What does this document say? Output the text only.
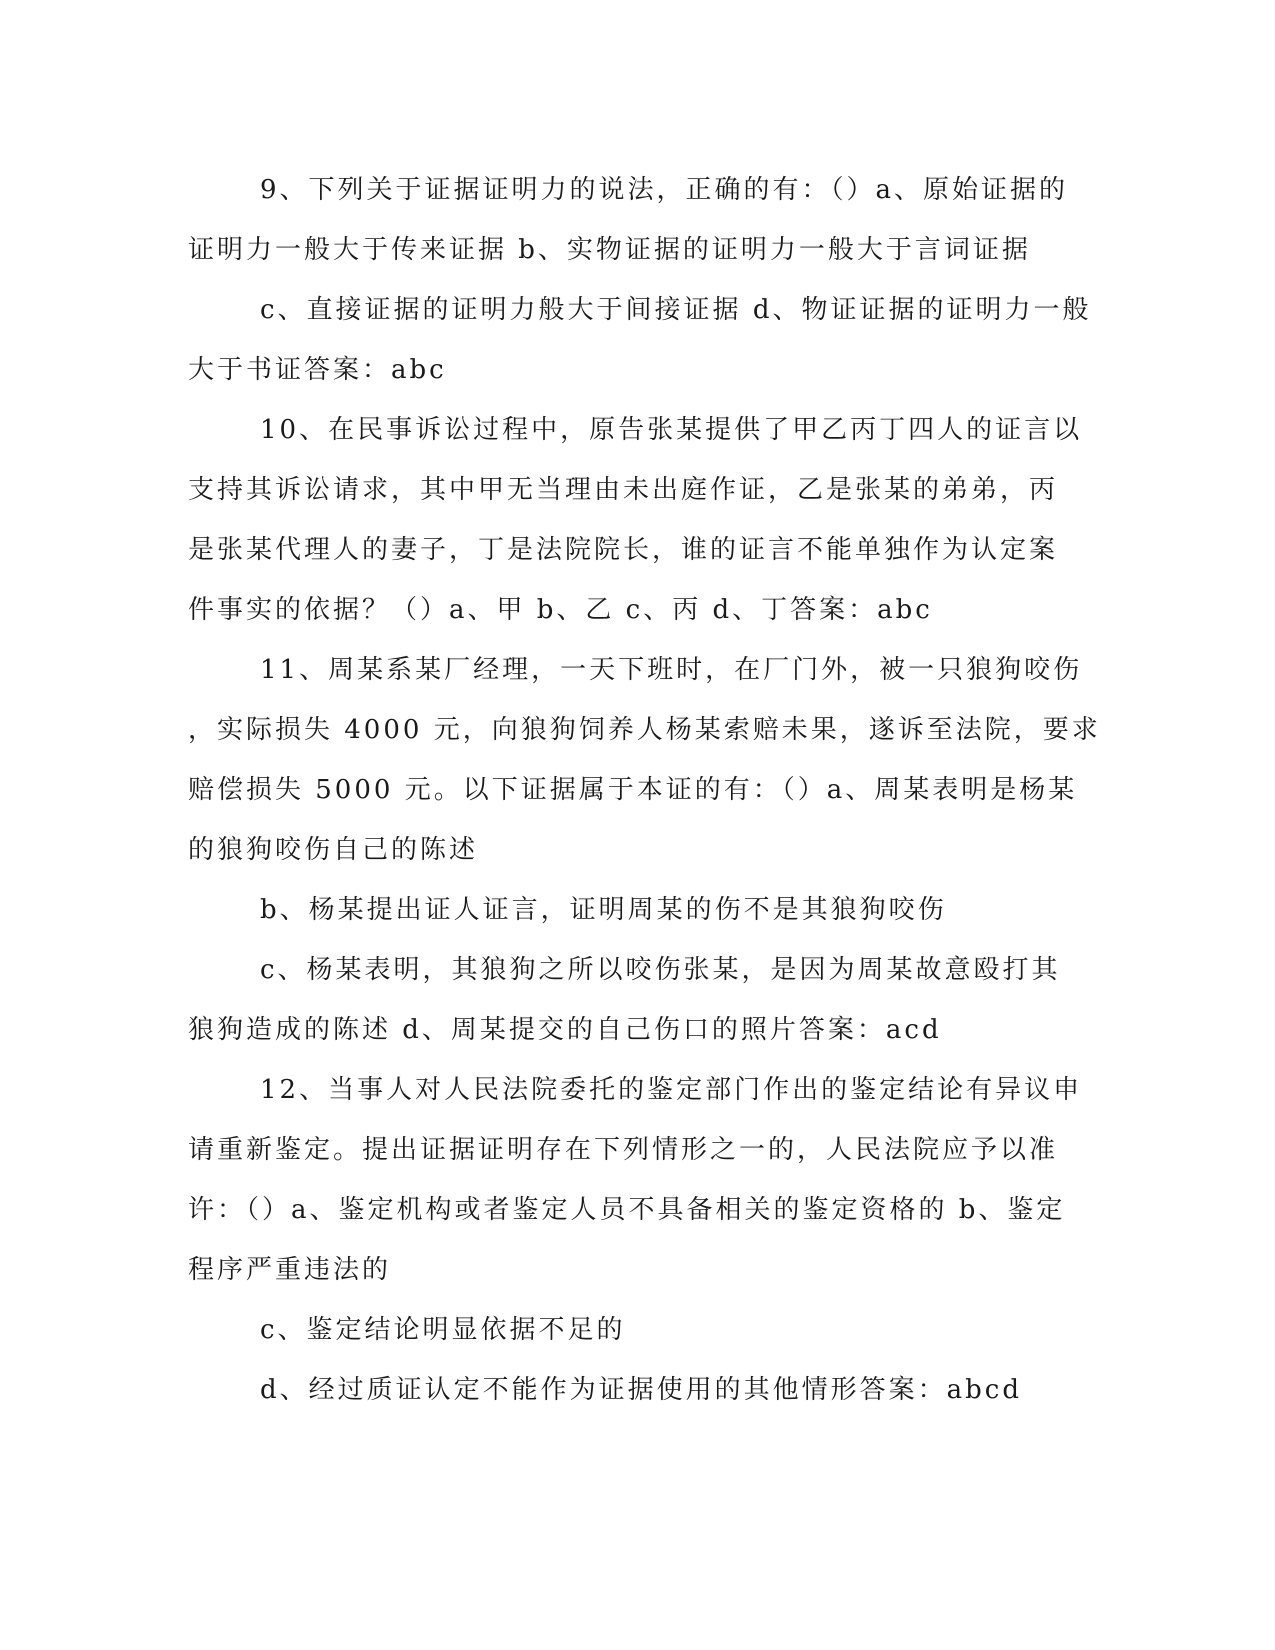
9、下列关于证据证明力的说法，正确的有：（）a、原始证据的
证明力一般大于传来证据 b、实物证据的证明力一般大于言词证据
c、直接证据的证明力般大于间接证据 d、物证证据的证明力一般
大于书证答案：abc
10、在民事诉讼过程中，原告张某提供了甲乙丙丁四人的证言以
支持其诉讼请求，其中甲无当理由未出庭作证，乙是张某的弟弟，丙
是张某代理人的妻子，丁是法院院长，谁的证言不能单独作为认定案
件事实的依据？（）a、甲 b、乙 c、丙 d、丁答案：abc
11、周某系某厂经理，一天下班时，在厂门外，被一只狼狗咬伤
，实际损失 4000 元，向狼狗饲养人杨某索赔未果，遂诉至法院，要求
赔偿损失 5000 元。以下证据属于本证的有：（）a、周某表明是杨某
的狼狗咬伤自己的陈述
b、杨某提出证人证言，证明周某的伤不是其狼狗咬伤
c、杨某表明，其狼狗之所以咬伤张某，是因为周某故意殴打其
狼狗造成的陈述 d、周某提交的自己伤口的照片答案：acd
12、当事人对人民法院委托的鉴定部门作出的鉴定结论有异议申
请重新鉴定。提出证据证明存在下列情形之一的，人民法院应予以准
许：（）a、鉴定机构或者鉴定人员不具备相关的鉴定资格的 b、鉴定
程序严重违法的
c、鉴定结论明显依据不足的
d、经过质证认定不能作为证据使用的其他情形答案：abcd
